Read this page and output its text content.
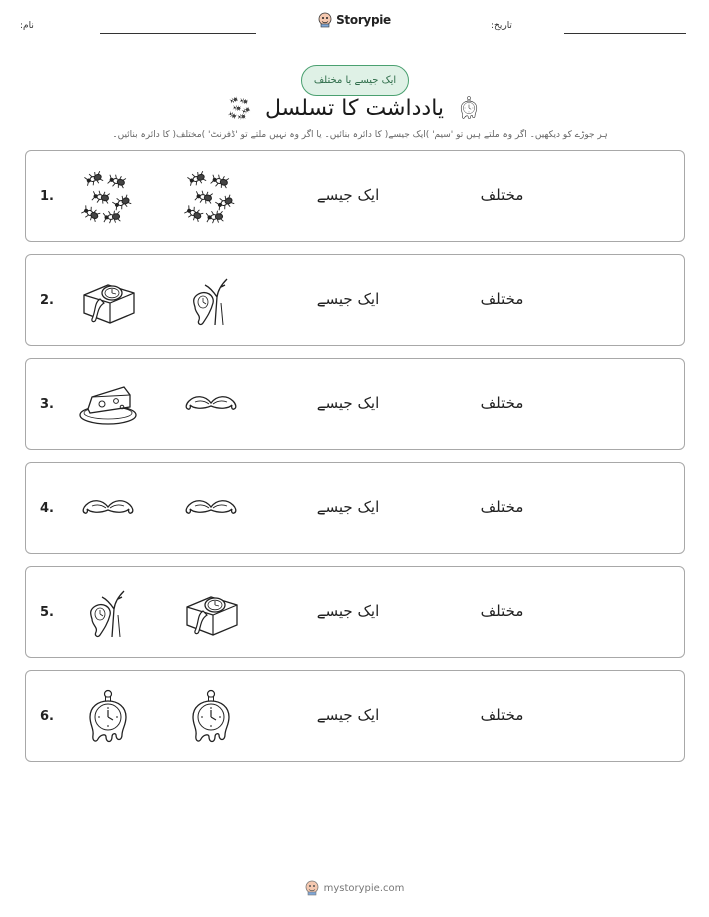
نام:	Storypie	تاریخ:
ایک جیسے یا مختلف
یادداشت کا تسلسل
ہر جوڑے کو دیکھیں۔ اگر وہ ملتے ہیں تو 'سیم' )ایک جیسے( کا دائرہ بنائیں۔ یا اگر وہ نہیں ملتے تو 'ڈفرنٹ' )مختلف( کا دائرہ بنائیں۔
1.	ایک جیسے	مختلف
2.	ایک جیسے	مختلف
3.	ایک جیسے	مختلف
4.	ایک جیسے	مختلف
5.	ایک جیسے	مختلف
6.	ایک جیسے	مختلف
mystorypie.com
